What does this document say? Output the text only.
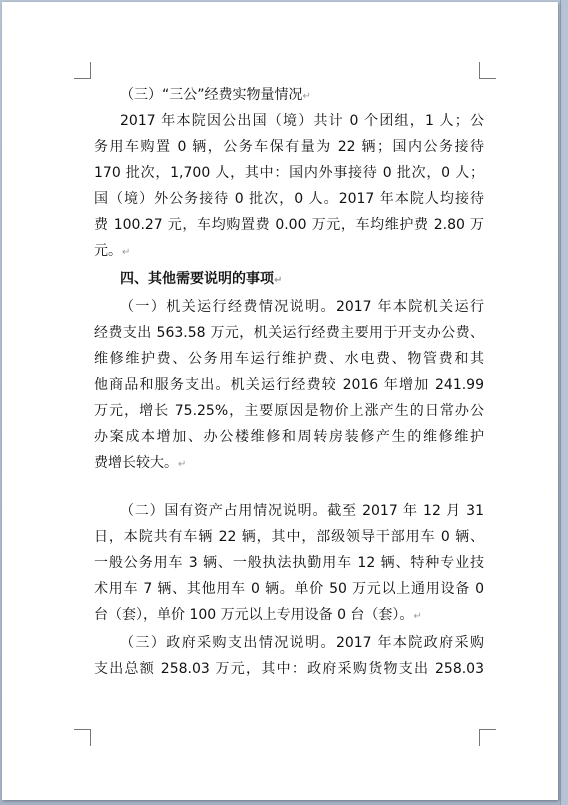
（三）“三公”经费实物量情况↵
2017 年本院因公出国（境）共计 0 个团组，1 人；公
务用车购置 0 辆，公务车保有量为 22 辆；国内公务接待
170 批次，1,700 人，其中：国内外事接待 0 批次，0 人；
国（境）外公务接待 0 批次，0 人。2017 年本院人均接待
费 100.27 元，车均购置费 0.00 万元，车均维护费 2.80 万
元。↵
四、其他需要说明的事项↵
（一）机关运行经费情况说明。2017 年本院机关运行
经费支出 563.58 万元，机关运行经费主要用于开支办公费、
维修维护费、公务用车运行维护费、水电费、物管费和其
他商品和服务支出。机关运行经费较 2016 年增加 241.99
万元，增长 75.25%，主要原因是物价上涨产生的日常办公
办案成本增加、办公楼维修和周转房装修产生的维修维护
费增长较大。↵
（二）国有资产占用情况说明。截至 2017 年 12 月 31
日，本院共有车辆 22 辆，其中，部级领导干部用车 0 辆、
一般公务用车 3 辆、一般执法执勤用车 12 辆、特种专业技
术用车 7 辆、其他用车 0 辆。单价 50 万元以上通用设备 0
台（套），单价 100 万元以上专用设备 0 台（套）。↵
（三）政府采购支出情况说明。2017 年本院政府采购
支出总额 258.03 万元，其中：政府采购货物支出 258.03
